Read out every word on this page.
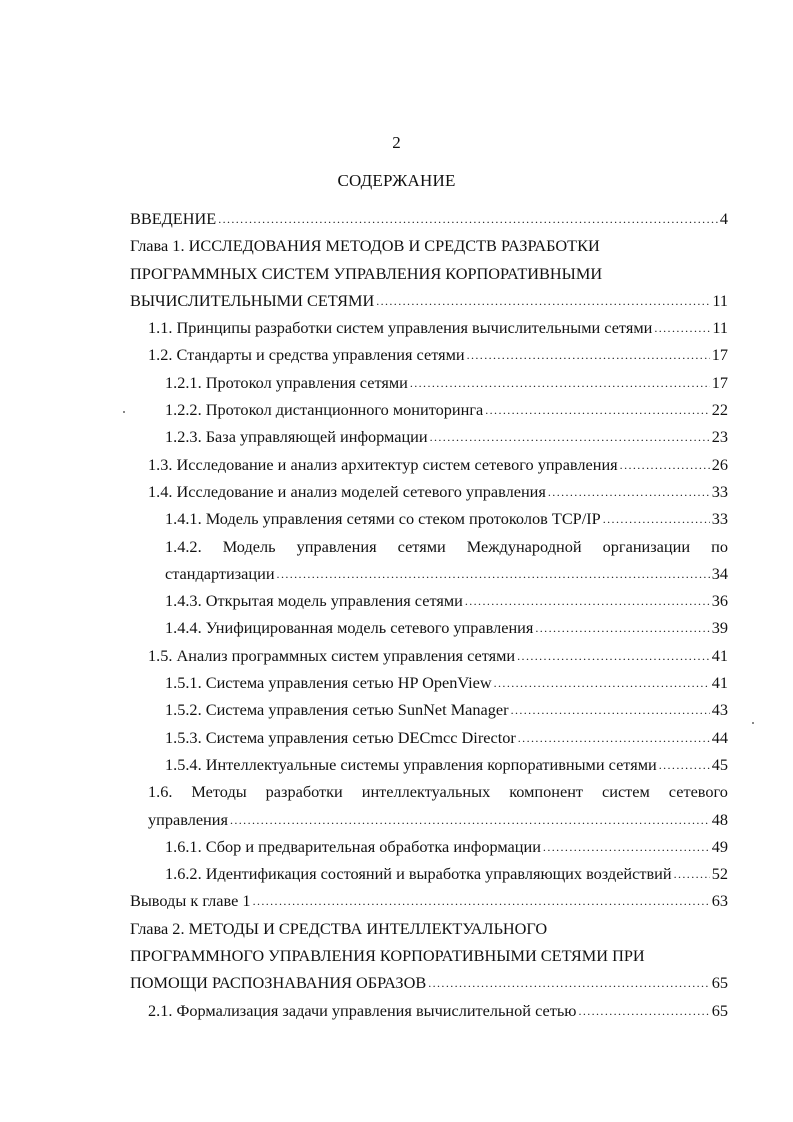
2
СОДЕРЖАНИЕ
ВВЕДЕНИЕ .....	4
Глава 1. ИССЛЕДОВАНИЯ МЕТОДОВ И СРЕДСТВ РАЗРАБОТКИ
ПРОГРАММНЫХ СИСТЕМ УПРАВЛЕНИЯ КОРПОРАТИВНЫМИ
ВЫЧИСЛИТЕЛЬНЫМИ СЕТЯМИ .....	11
1.1. Принципы разработки систем управления вычислительными сетями .....	11
1.2. Стандарты и средства управления сетями .....	17
1.2.1. Протокол управления сетями .....	17
1.2.2. Протокол дистанционного мониторинга .....	22
1.2.3. База управляющей информации .....	23
1.3. Исследование и анализ архитектур систем сетевого управления .....	26
1.4. Исследование и анализ моделей сетевого управления .....	33
1.4.1. Модель управления сетями со стеком протоколов TCP/IP .....	33
1.4.2. Модель управления сетями Международной организации по
стандартизации .....	34
1.4.3. Открытая модель управления сетями .....	36
1.4.4. Унифицированная модель сетевого управления .....	39
1.5. Анализ программных систем управления сетями .....	41
1.5.1. Система управления сетью HP OpenView .....	41
1.5.2. Система управления сетью SunNet Manager .....	43
1.5.3. Система управления сетью DECmcc Director .....	44
1.5.4. Интеллектуальные системы управления корпоративными сетями .....	45
1.6. Методы разработки интеллектуальных компонент систем сетевого
управления .....	48
1.6.1. Сбор и предварительная обработка информации .....	49
1.6.2. Идентификация состояний и выработка управляющих воздействий ..... 52
Выводы к главе 1 .....	63
Глава 2. МЕТОДЫ И СРЕДСТВА ИНТЕЛЛЕКТУАЛЬНОГО
ПРОГРАММНОГО УПРАВЛЕНИЯ КОРПОРАТИВНЫМИ СЕТЯМИ ПРИ
ПОМОЩИ РАСПОЗНАВАНИЯ ОБРАЗОВ .....	65
2.1. Формализация задачи управления вычислительной сетью .....	65
